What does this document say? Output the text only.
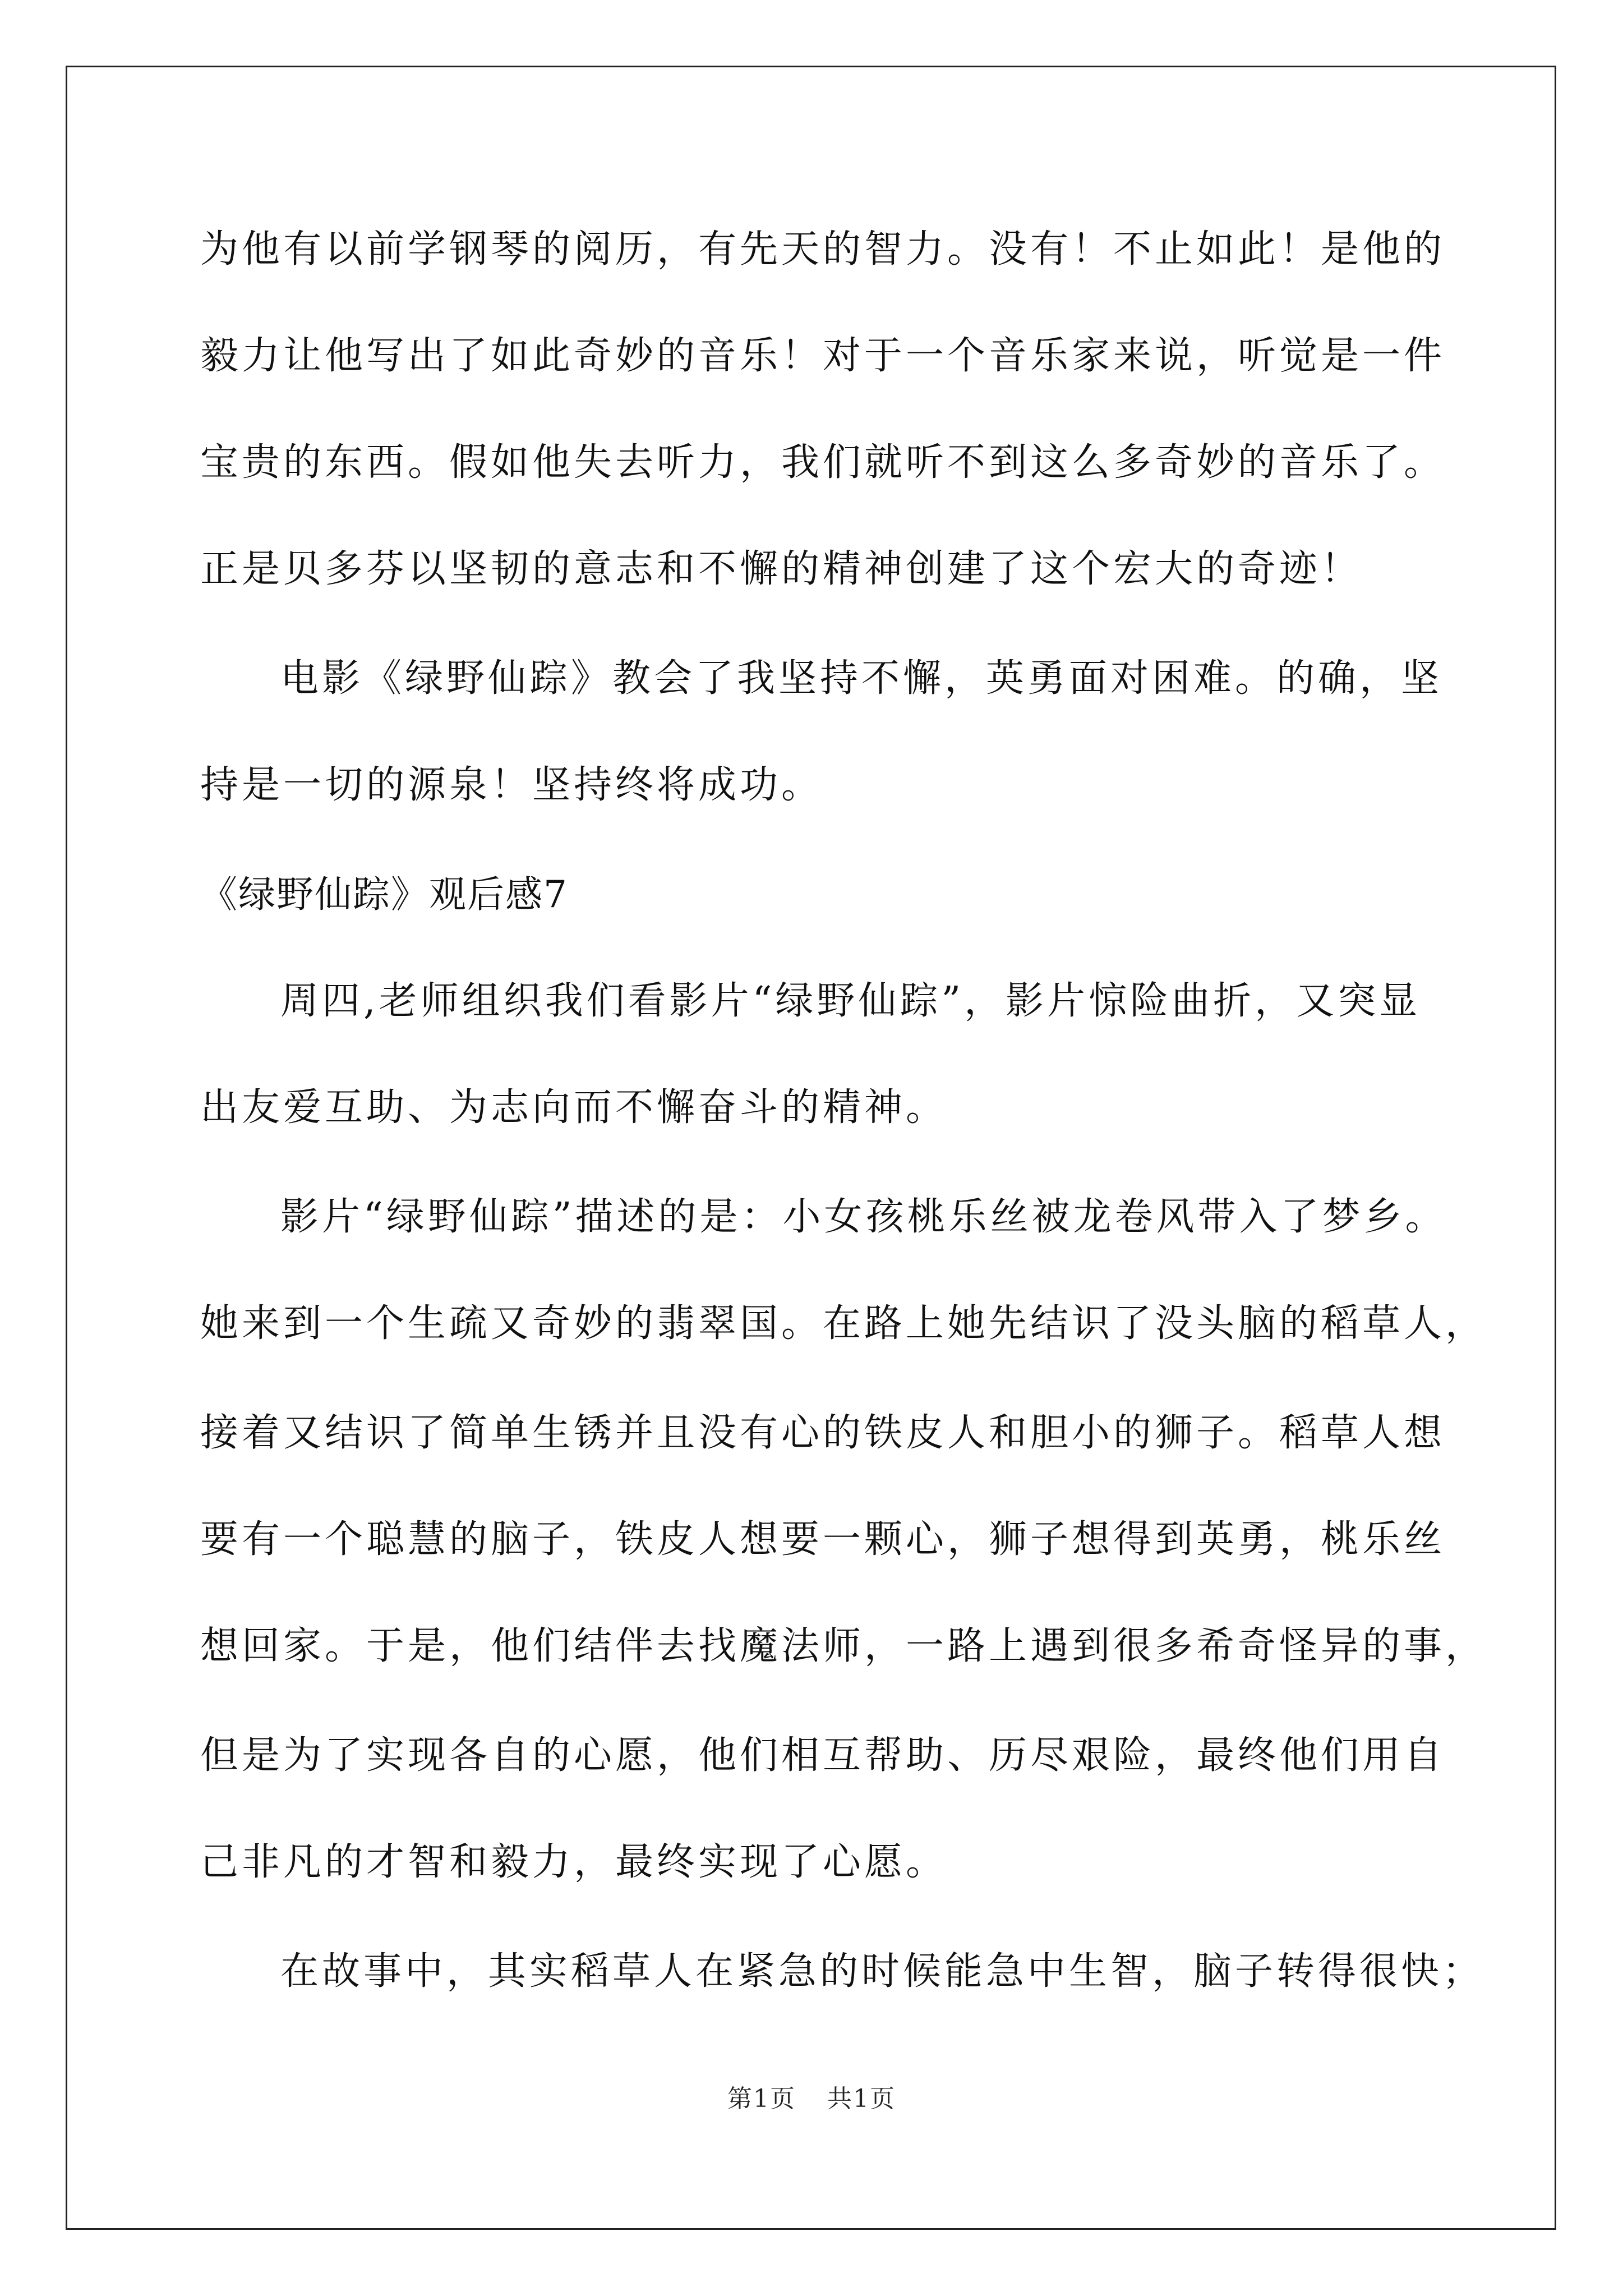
为他有以前学钢琴的阅历，有先天的智力。没有！不止如此！是他的
毅力让他写出了如此奇妙的音乐！对于一个音乐家来说，听觉是一件
宝贵的东西。假如他失去听力，我们就听不到这么多奇妙的音乐了。
正是贝多芬以坚韧的意志和不懈的精神创建了这个宏大的奇迹！
电影《绿野仙踪》教会了我坚持不懈，英勇面对困难。的确，坚
持是一切的源泉！坚持终将成功。
《绿野仙踪》观后感7
周四,老师组织我们看影片“绿野仙踪”，影片惊险曲折，又突显
出友爱互助、为志向而不懈奋斗的精神。
影片“绿野仙踪”描述的是：小女孩桃乐丝被龙卷风带入了梦乡。
她来到一个生疏又奇妙的翡翠国。在路上她先结识了没头脑的稻草人，
接着又结识了简单生锈并且没有心的铁皮人和胆小的狮子。稻草人想
要有一个聪慧的脑子，铁皮人想要一颗心，狮子想得到英勇，桃乐丝
想回家。于是，他们结伴去找魔法师，一路上遇到很多希奇怪异的事，
但是为了实现各自的心愿，他们相互帮助、历尽艰险，最终他们用自
己非凡的才智和毅力，最终实现了心愿。
在故事中，其实稻草人在紧急的时候能急中生智，脑子转得很快；
第1页 共1页
